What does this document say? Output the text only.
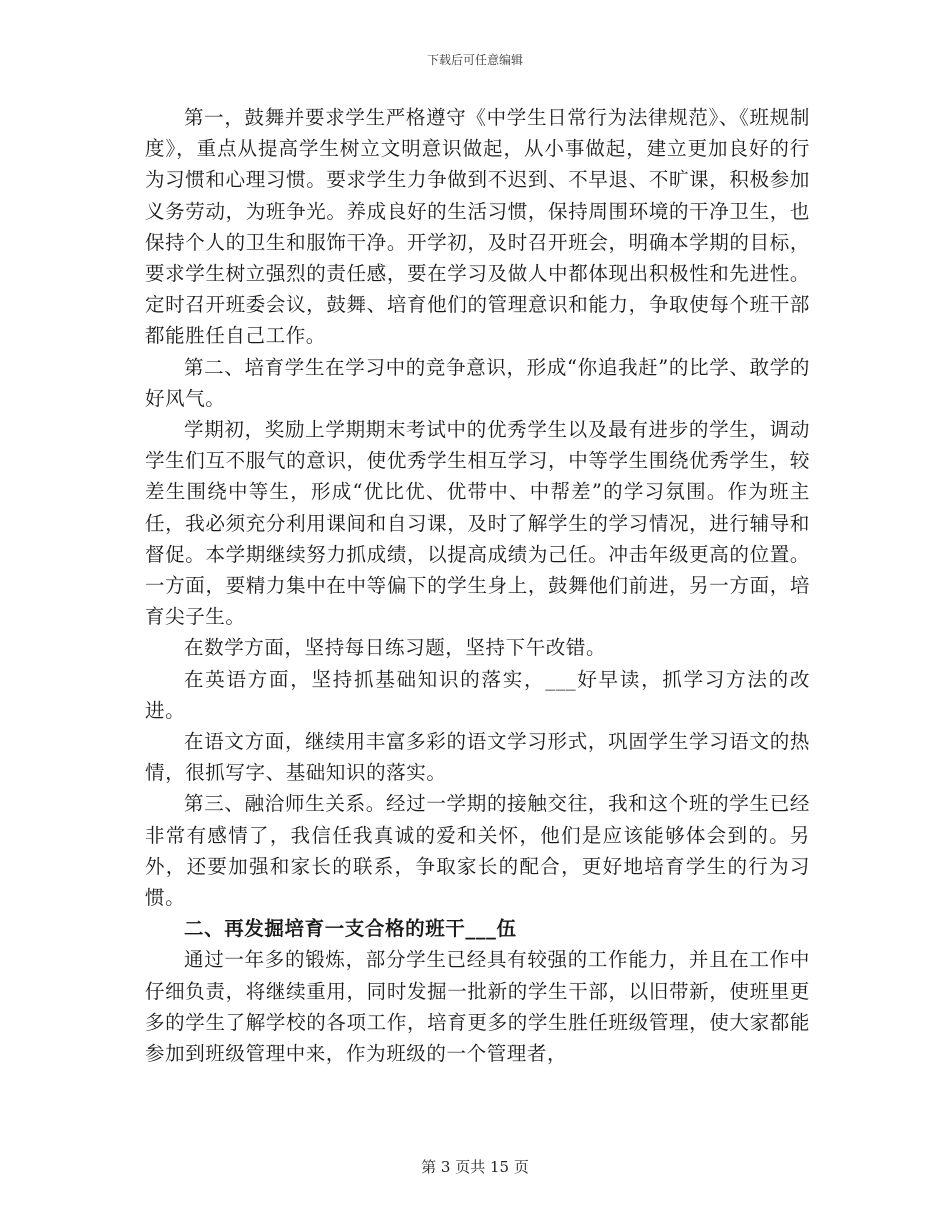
下载后可任意编辑

第一，鼓舞并要求学生严格遵守《中学生日常行为法律规范》、《班规制度》，重点从提高学生树立文明意识做起，从小事做起，建立更加良好的行为习惯和心理习惯。要求学生力争做到不迟到、不早退、不旷课，积极参加义务劳动，为班争光。养成良好的生活习惯，保持周围环境的干净卫生，也保持个人的卫生和服饰干净。开学初，及时召开班会，明确本学期的目标，要求学生树立强烈的责任感，要在学习及做人中都体现出积极性和先进性。定时召开班委会议，鼓舞、培育他们的管理意识和能力，争取使每个班干部都能胜任自己工作。

第二、培育学生在学习中的竞争意识，形成“你追我赶”的比学、敢学的好风气。

学期初，奖励上学期期末考试中的优秀学生以及最有进步的学生，调动学生们互不服气的意识，使优秀学生相互学习，中等学生围绕优秀学生，较差生围绕中等生，形成“优比优、优带中、中帮差”的学习氛围。作为班主任，我必须充分利用课间和自习课，及时了解学生的学习情况，进行辅导和督促。本学期继续努力抓成绩，以提高成绩为己任。冲击年级更高的位置。一方面，要精力集中在中等偏下的学生身上，鼓舞他们前进，另一方面，培育尖子生。

在数学方面，坚持每日练习题，坚持下午改错。

在英语方面，坚持抓基础知识的落实，___好早读，抓学习方法的改进。

在语文方面，继续用丰富多彩的语文学习形式，巩固学生学习语文的热情，很抓写字、基础知识的落实。

第三、融洽师生关系。经过一学期的接触交往，我和这个班的学生已经非常有感情了，我信任我真诚的爱和关怀，他们是应该能够体会到的。另外，还要加强和家长的联系，争取家长的配合，更好地培育学生的行为习惯。

二、再发掘培育一支合格的班干___伍

通过一年多的锻炼，部分学生已经具有较强的工作能力，并且在工作中仔细负责，将继续重用，同时发掘一批新的学生干部，以旧带新，使班里更多的学生了解学校的各项工作，培育更多的学生胜任班级管理，使大家都能参加到班级管理中来，作为班级的一个管理者，

第 3 页共 15 页
